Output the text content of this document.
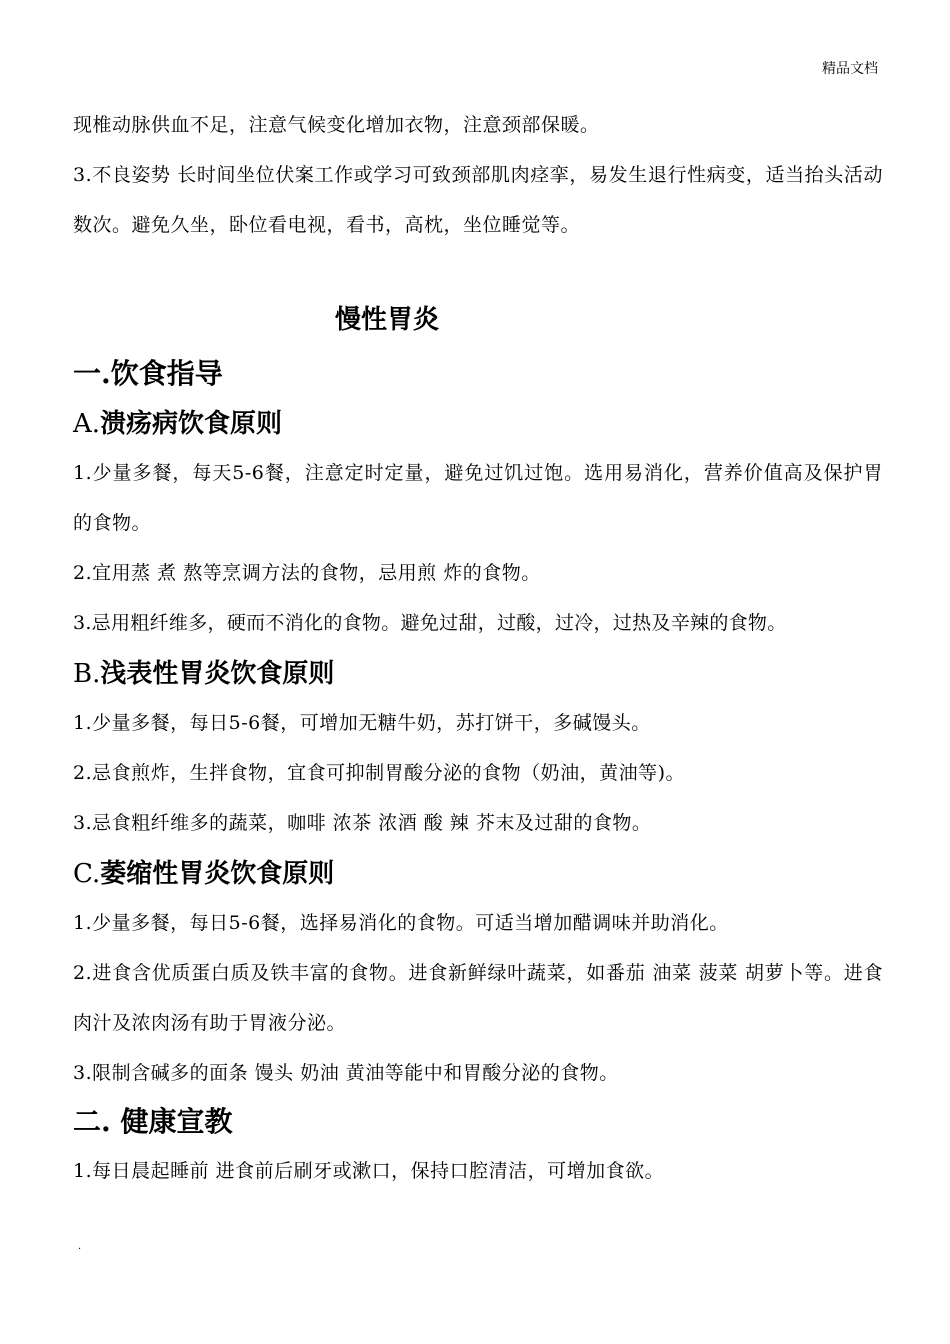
精品文档

现椎动脉供血不足，注意气候变化增加衣物，注意颈部保暖。

3.不良姿势 长时间坐位伏案工作或学习可致颈部肌肉痉挛，易发生退行性病变，适当抬头活动数次。避免久坐，卧位看电视，看书，高枕，坐位睡觉等。

慢性胃炎
一.饮食指导
A.溃疡病饮食原则

1.少量多餐，每天5-6餐，注意定时定量，避免过饥过饱。选用易消化，营养价值高及保护胃的食物。

2.宜用蒸 煮 熬等烹调方法的食物，忌用煎 炸的食物。

3.忌用粗纤维多，硬而不消化的食物。避免过甜，过酸，过冷，过热及辛辣的食物。

B.浅表性胃炎饮食原则

1.少量多餐，每日5-6餐，可增加无糖牛奶，苏打饼干，多碱馒头。

2.忌食煎炸，生拌食物，宜食可抑制胃酸分泌的食物（奶油，黄油等)。

3.忌食粗纤维多的蔬菜，咖啡 浓茶 浓酒 酸 辣 芥末及过甜的食物。

C.萎缩性胃炎饮食原则

1.少量多餐，每日5-6餐，选择易消化的食物。可适当增加醋调味并助消化。

2.进食含优质蛋白质及铁丰富的食物。进食新鲜绿叶蔬菜，如番茄 油菜 菠菜 胡萝卜等。进食肉汁及浓肉汤有助于胃液分泌。

3.限制含碱多的面条 馒头 奶油 黄油等能中和胃酸分泌的食物。

二. 健康宣教

1.每日晨起睡前 进食前后刷牙或漱口，保持口腔清洁，可增加食欲。

.
